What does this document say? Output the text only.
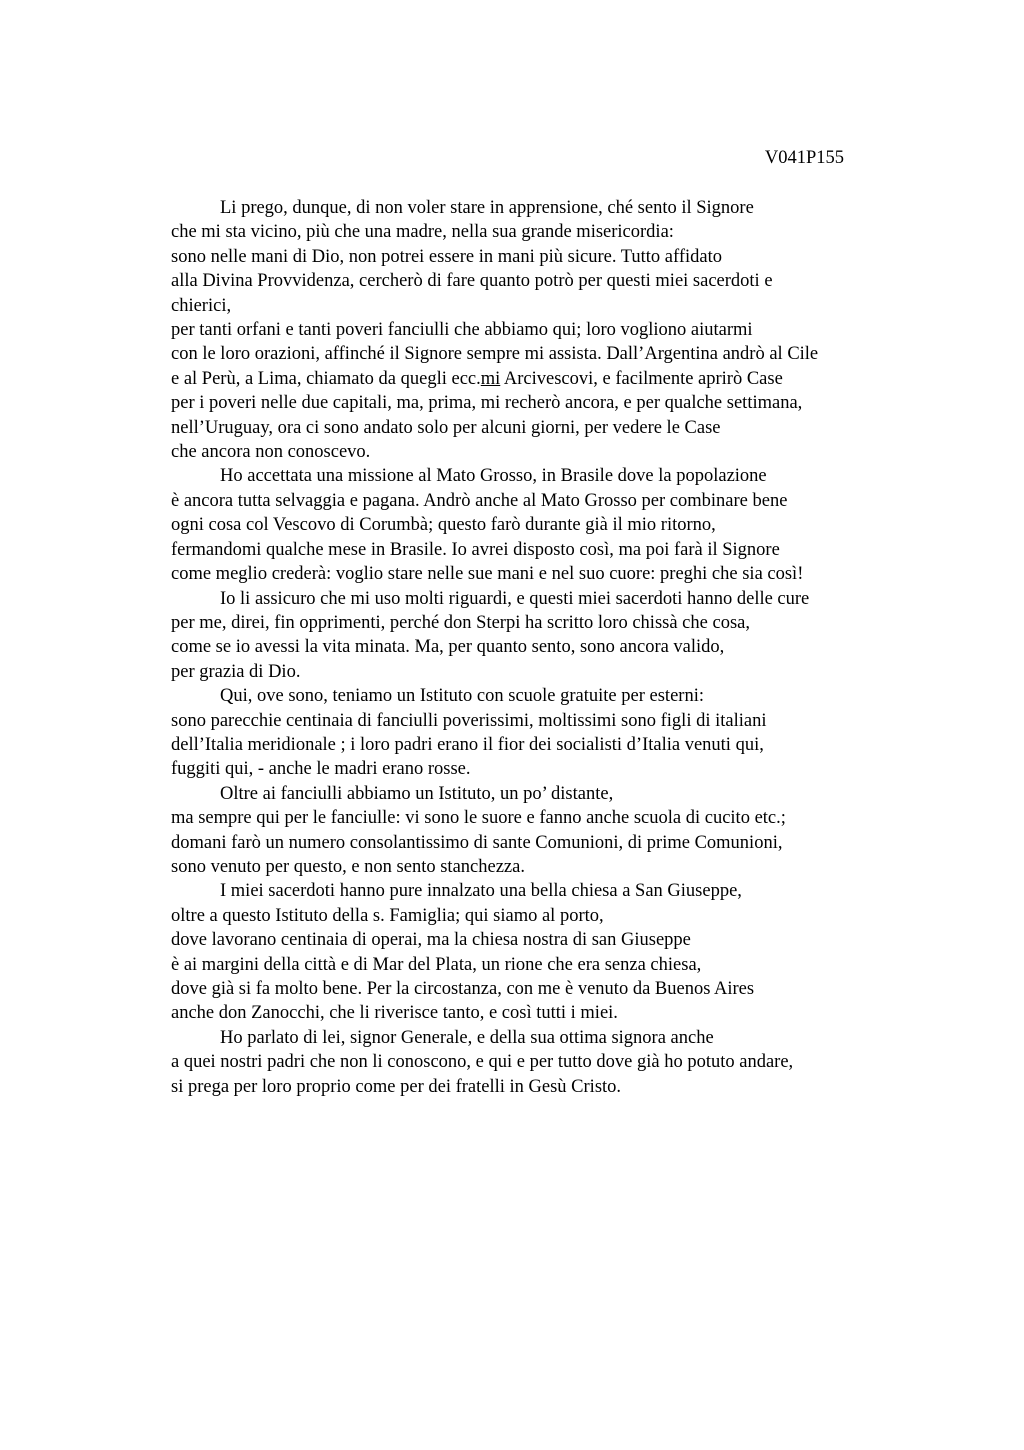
V041P155
Li prego, dunque, di non voler stare in apprensione, ché sento il Signore
che mi sta vicino, più che una madre, nella sua grande misericordia:
sono nelle mani di Dio, non potrei essere in mani più sicure. Tutto affidato
alla Divina Provvidenza, cercherò di fare quanto potrò per questi miei sacerdoti e
chierici,
per tanti orfani e tanti poveri fanciulli che abbiamo qui; loro vogliono aiutarmi
con le loro orazioni, affinché il Signore sempre mi assista. Dall’Argentina andrò al Cile
e al Perù, a Lima, chiamato da quegli ecc.mi Arcivescovi, e facilmente aprirò Case
per i poveri nelle due capitali, ma, prima, mi recherò ancora, e per qualche settimana,
nell’Uruguay, ora ci sono andato solo per alcuni giorni, per vedere le Case
che ancora non conoscevo.
Ho accettata una missione al Mato Grosso, in Brasile dove la popolazione
è ancora tutta selvaggia e pagana. Andrò anche al Mato Grosso per combinare bene
ogni cosa col Vescovo di Corumbà; questo farò durante già il mio ritorno,
fermandomi qualche mese in Brasile. Io avrei disposto così, ma poi farà il Signore
come meglio crederà: voglio stare nelle sue mani e nel suo cuore: preghi che sia così!
Io li assicuro che mi uso molti riguardi, e questi miei sacerdoti hanno delle cure
per me, direi, fin opprimenti, perché don Sterpi ha scritto loro chissà che cosa,
come se io avessi la vita minata. Ma, per quanto sento, sono ancora valido,
per grazia di Dio.
Qui, ove sono, teniamo un Istituto con scuole gratuite per esterni:
sono parecchie centinaia di fanciulli poverissimi, moltissimi sono figli di italiani
dell’Italia meridionale ; i loro padri erano il fior dei socialisti d’Italia venuti qui,
fuggiti qui, - anche le madri erano rosse.
Oltre ai fanciulli abbiamo un Istituto, un po’ distante,
ma sempre qui per le fanciulle: vi sono le suore e fanno anche scuola di cucito etc.;
domani farò un numero consolantissimo di sante Comunioni, di prime Comunioni,
sono venuto per questo, e non sento stanchezza.
I miei sacerdoti hanno pure innalzato una bella chiesa a San Giuseppe,
oltre a questo Istituto della s. Famiglia; qui siamo al porto,
dove lavorano centinaia di operai, ma la chiesa nostra di san Giuseppe
è ai margini della città e di Mar del Plata, un rione che era senza chiesa,
dove già si fa molto bene. Per la circostanza, con me è venuto da Buenos Aires
anche don Zanocchi, che li riverisce tanto, e così tutti i miei.
Ho parlato di lei, signor Generale, e della sua ottima signora anche
a quei nostri padri che non li conoscono, e qui e per tutto dove già ho potuto andare,
si prega per loro proprio come per dei fratelli in Gesù Cristo.
